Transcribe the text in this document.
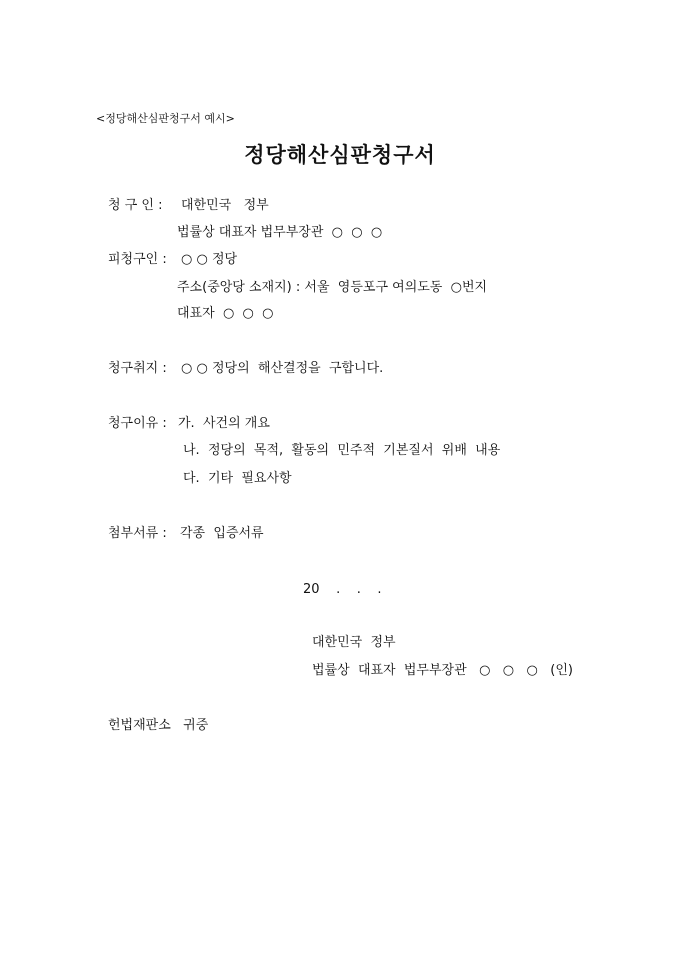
<정당해산심판청구서 예시>
정당해산심판청구서
청 구 인 : 대한민국   정부
법률상 대표자 법무부장관  ○  ○  ○
피청구인 : ○ ○ 정당
주소(중앙당 소재지) : 서울  영등포구 여의도동  ○번지
대표자  ○  ○  ○
청구취지 : ○ ○ 정당의  해산결정을  구합니다.
청구이유 : 가.  사건의 개요
나.  정당의  목적,  활동의  민주적  기본질서  위배  내용
다.  기타  필요사항
첨부서류 : 각종  입증서류
20    .    .    .
대한민국  정부
법률상  대표자  법무부장관   ○   ○   ○   (인)
헌법재판소   귀중
